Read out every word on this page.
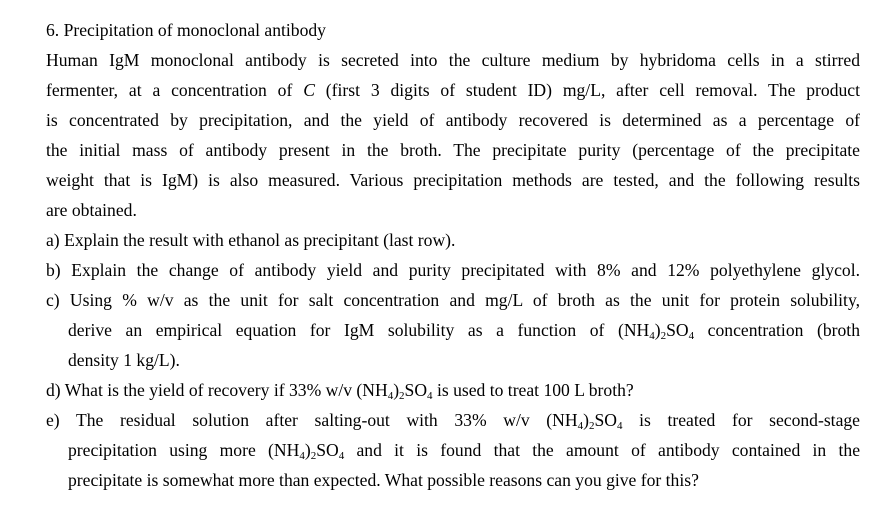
6. Precipitation of monoclonal antibody
Human IgM monoclonal antibody is secreted into the culture medium by hybridoma cells in a stirred
fermenter, at a concentration of C (first 3 digits of student ID) mg/L, after cell removal. The product
is concentrated by precipitation, and the yield of antibody recovered is determined as a percentage of
the initial mass of antibody present in the broth. The precipitate purity (percentage of the precipitate
weight that is IgM) is also measured. Various precipitation methods are tested, and the following results
are obtained.
a) Explain the result with ethanol as precipitant (last row).
b) Explain the change of antibody yield and purity precipitated with 8% and 12% polyethylene glycol.
c) Using % w/v as the unit for salt concentration and mg/L of broth as the unit for protein solubility,
derive an empirical equation for IgM solubility as a function of $(NH_4)_2SO_4$ concentration (broth
density 1 kg/L).
d) What is the yield of recovery if 33% w/v $(NH_4)_2SO_4$ is used to treat 100 L broth?
e) The residual solution after salting-out with 33% w/v $(NH_4)_2SO_4$ is treated for second-stage
precipitation using more $(NH_4)_2SO_4$ and it is found that the amount of antibody contained in the
precipitate is somewhat more than expected. What possible reasons can you give for this?
